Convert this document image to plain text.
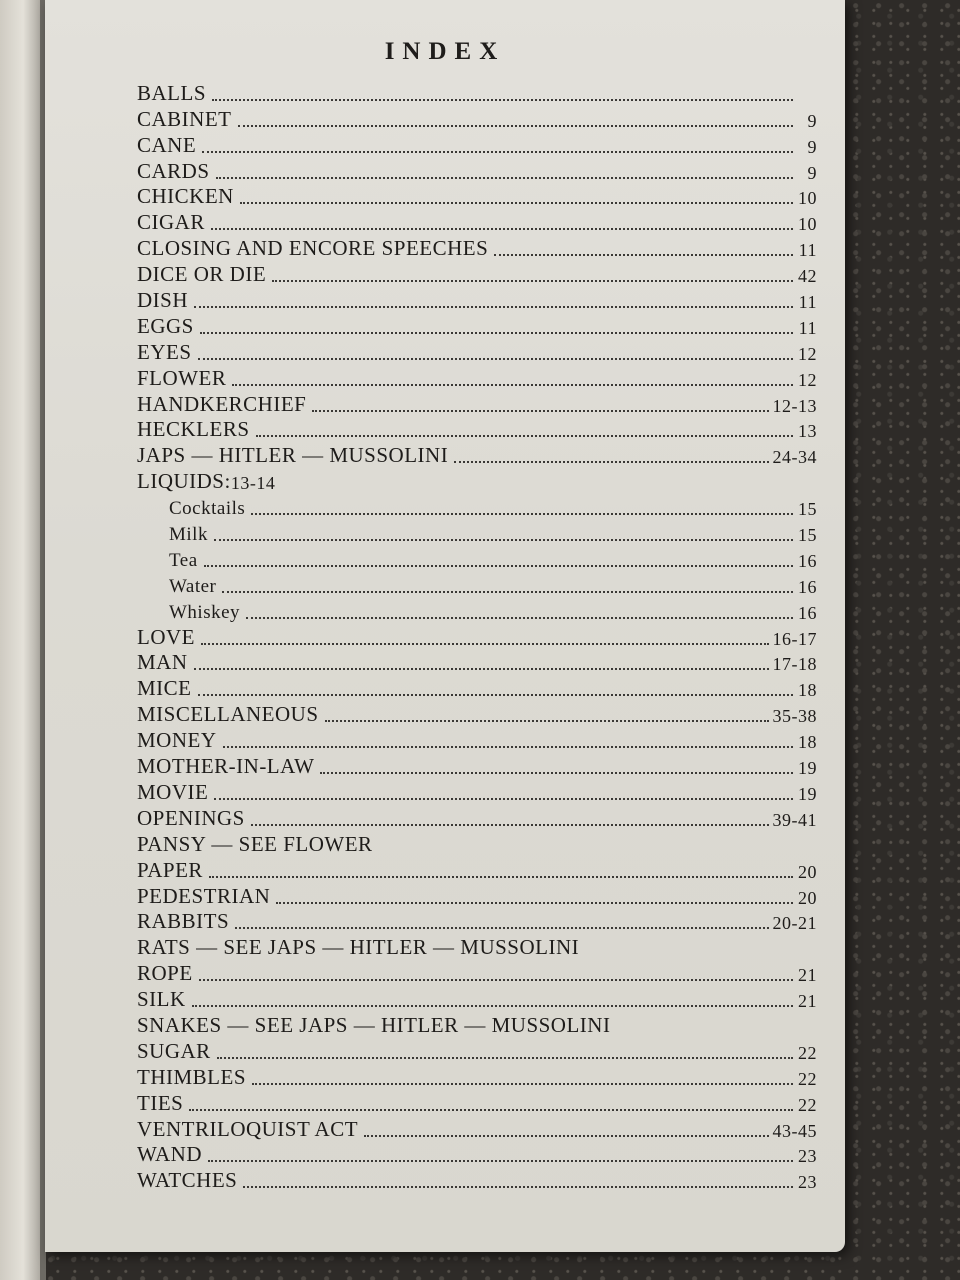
INDEX
BALLS
CABINET	9
CANE	9
CARDS	9
CHICKEN	10
CIGAR	10
CLOSING AND ENCORE SPEECHES	11
DICE OR DIE	42
DISH	11
EGGS	11
EYES	12
FLOWER	12
HANDKERCHIEF	12-13
HECKLERS	13
JAPS — HITLER — MUSSOLINI	24-34
LIQUIDS: 13-14
Cocktails	15
Milk	15
Tea	16
Water	16
Whiskey	16
LOVE	16-17
MAN	17-18
MICE	18
MISCELLANEOUS	35-38
MONEY	18
MOTHER-IN-LAW	19
MOVIE	19
OPENINGS	39-41
PANSY — SEE FLOWER
PAPER	20
PEDESTRIAN	20
RABBITS	20-21
RATS — SEE JAPS — HITLER — MUSSOLINI
ROPE	21
SILK	21
SNAKES — SEE JAPS — HITLER — MUSSOLINI
SUGAR	22
THIMBLES	22
TIES	22
VENTRILOQUIST ACT	43-45
WAND	23
WATCHES	23
